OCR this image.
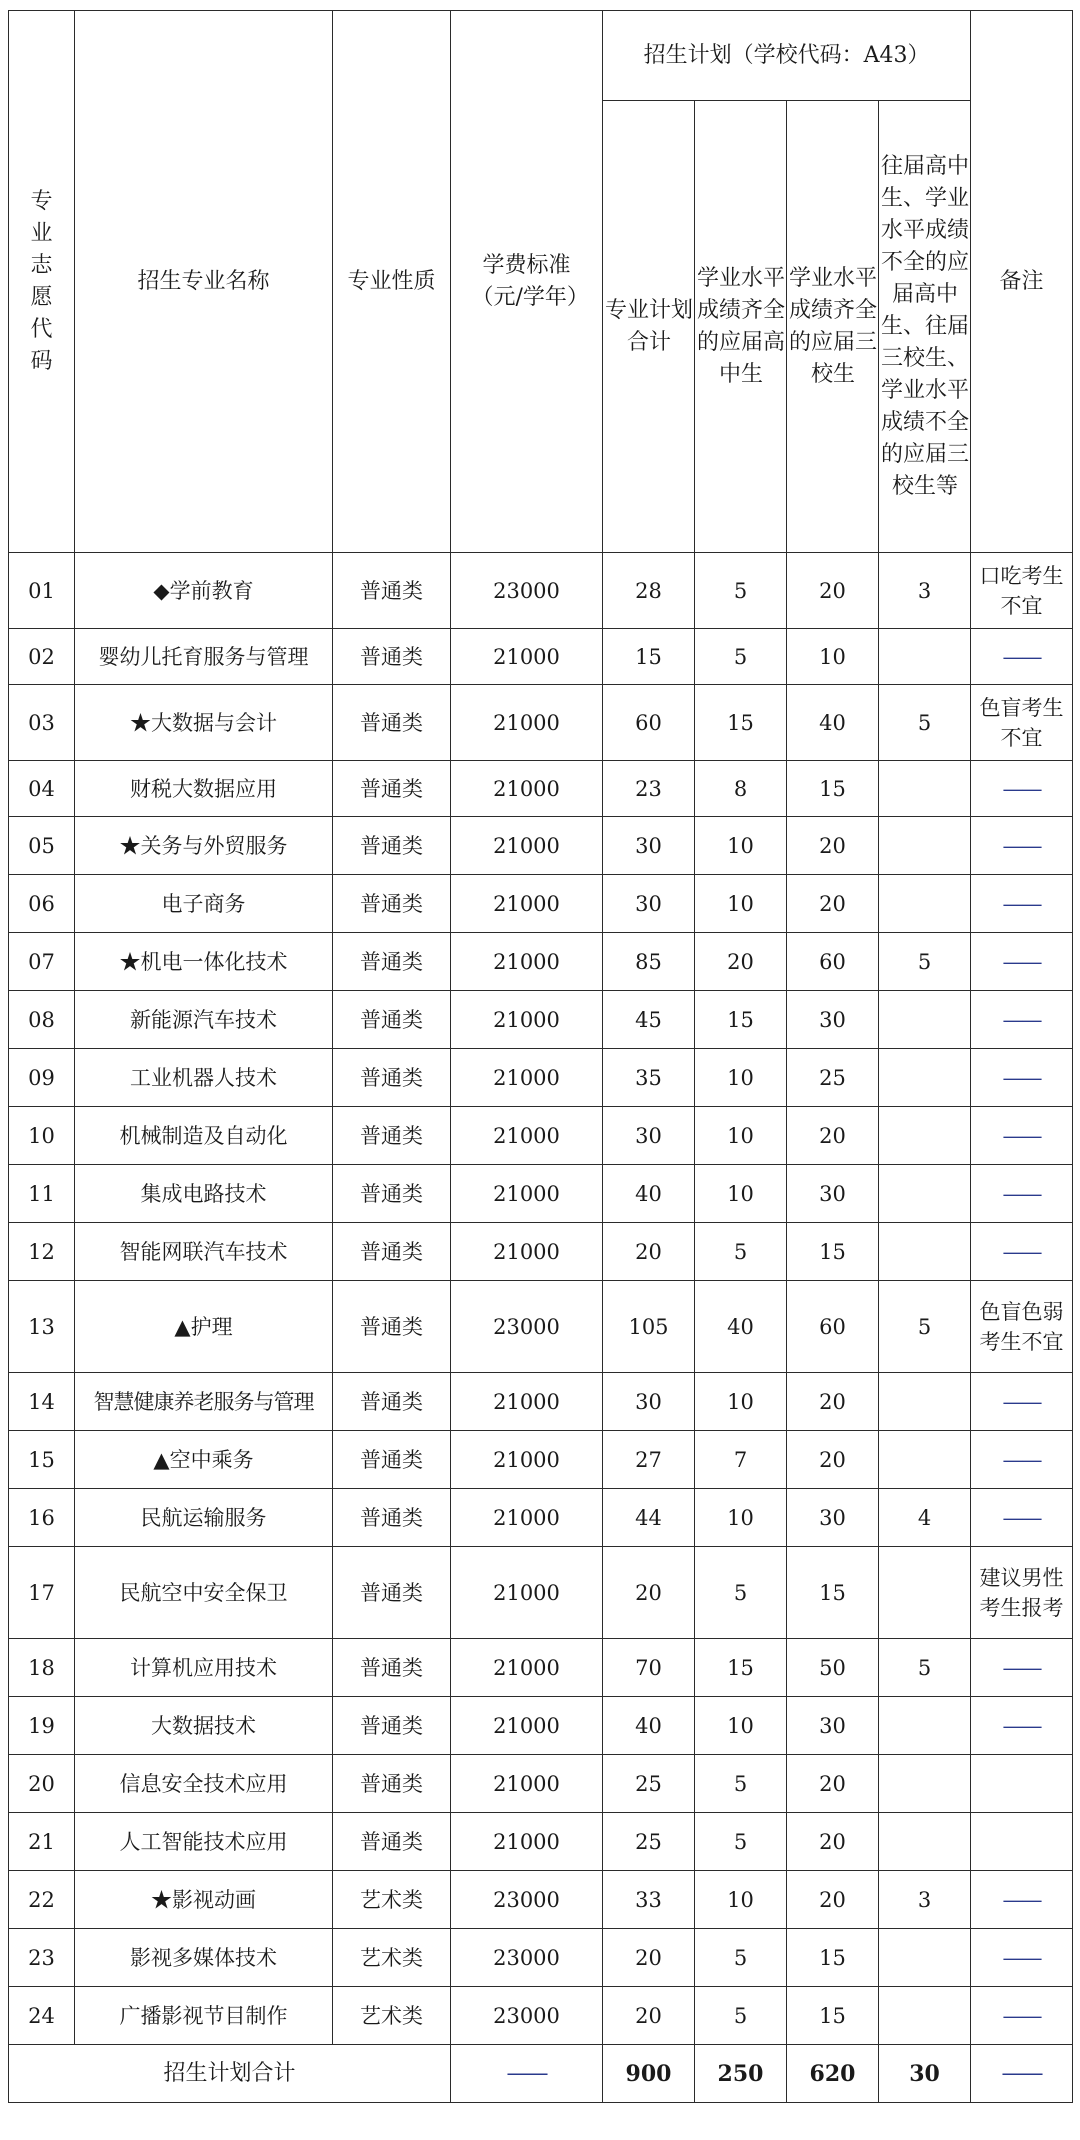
专业志愿代码	招生专业名称	专业性质	学费标准（元/学年）	招生计划（学校代码：A43）				备注

				专业计划合计	学业水平成绩齐全的应届高中生	学业水平成绩齐全的应届三校生	往届高中生、学业水平成绩不全的应届高中生、往届三校生、学业水平成绩不全的应届三校生等	

01	◆学前教育	普通类	23000	28	5	20	3	口吃考生不宜
02	婴幼儿托育服务与管理	普通类	21000	15	5	10		——
03	★大数据与会计	普通类	21000	60	15	40	5	色盲考生不宜
04	财税大数据应用	普通类	21000	23	8	15		——
05	★关务与外贸服务	普通类	21000	30	10	20		——
06	电子商务	普通类	21000	30	10	20		——
07	★机电一体化技术	普通类	21000	85	20	60	5	——
08	新能源汽车技术	普通类	21000	45	15	30		——
09	工业机器人技术	普通类	21000	35	10	25		——
10	机械制造及自动化	普通类	21000	30	10	20		——
11	集成电路技术	普通类	21000	40	10	30		——
12	智能网联汽车技术	普通类	21000	20	5	15		——
13	▲护理	普通类	23000	105	40	60	5	色盲色弱考生不宜
14	智慧健康养老服务与管理	普通类	21000	30	10	20		——
15	▲空中乘务	普通类	21000	27	7	20		——
16	民航运输服务	普通类	21000	44	10	30	4	——
17	民航空中安全保卫	普通类	21000	20	5	15		建议男性考生报考
18	计算机应用技术	普通类	21000	70	15	50	5	——
19	大数据技术	普通类	21000	40	10	30		——
20	信息安全技术应用	普通类	21000	25	5	20		
21	人工智能技术应用	普通类	21000	25	5	20		
22	★影视动画	艺术类	23000	33	10	20	3	——
23	影视多媒体技术	艺术类	23000	20	5	15		——
24	广播影视节目制作	艺术类	23000	20	5	15		——
招生计划合计			——	900	250	620	30	——
